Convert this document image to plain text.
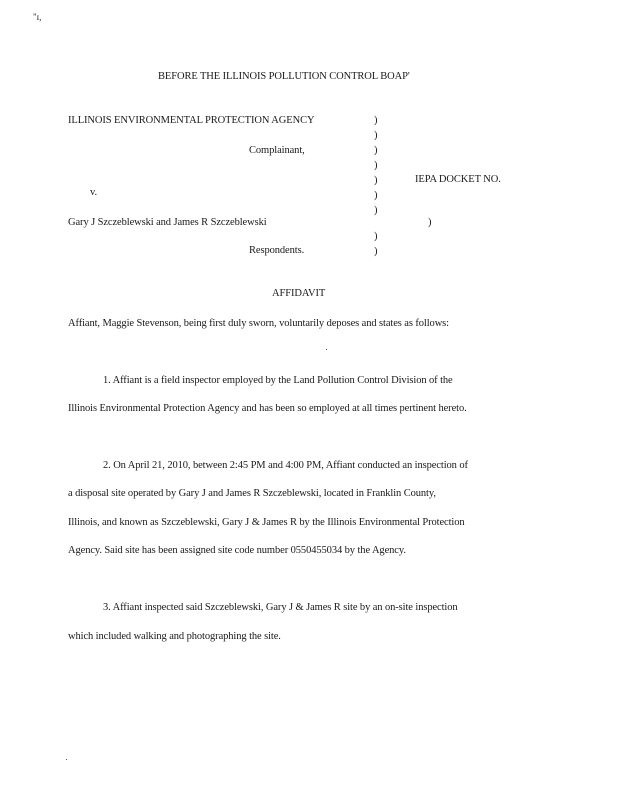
"ɪ,
BEFORE THE ILLINOIS POLLUTION CONTROL BOAP'
ILLINOIS ENVIRONMENTAL PROTECTION AGENCY	)
)
)
)
)
)
)
)
)
)
Complainant,
IEPA DOCKET NO.
v.
Gary J Szczeblewski and James R Szczeblewski
Respondents.
AFFIDAVIT
Affiant, Maggie Stevenson, being first duly sworn, voluntarily deposes and states as follows:
1. Affiant is a field inspector employed by the Land Pollution Control Division of the
Illinois Environmental Protection Agency and has been so employed at all times pertinent hereto.
2. On April 21, 2010, between 2:45 PM and 4:00 PM, Affiant conducted an inspection of
a disposal site operated by Gary J and James R Szczeblewski, located in Franklin County,
Illinois, and known as Szczeblewski, Gary J & James R by the Illinois Environmental Protection
Agency. Said site has been assigned site code number 0550455034 by the Agency.
3. Affiant inspected said Szczeblewski, Gary J & James R site by an on-site inspection
which included walking and photographing the site.
